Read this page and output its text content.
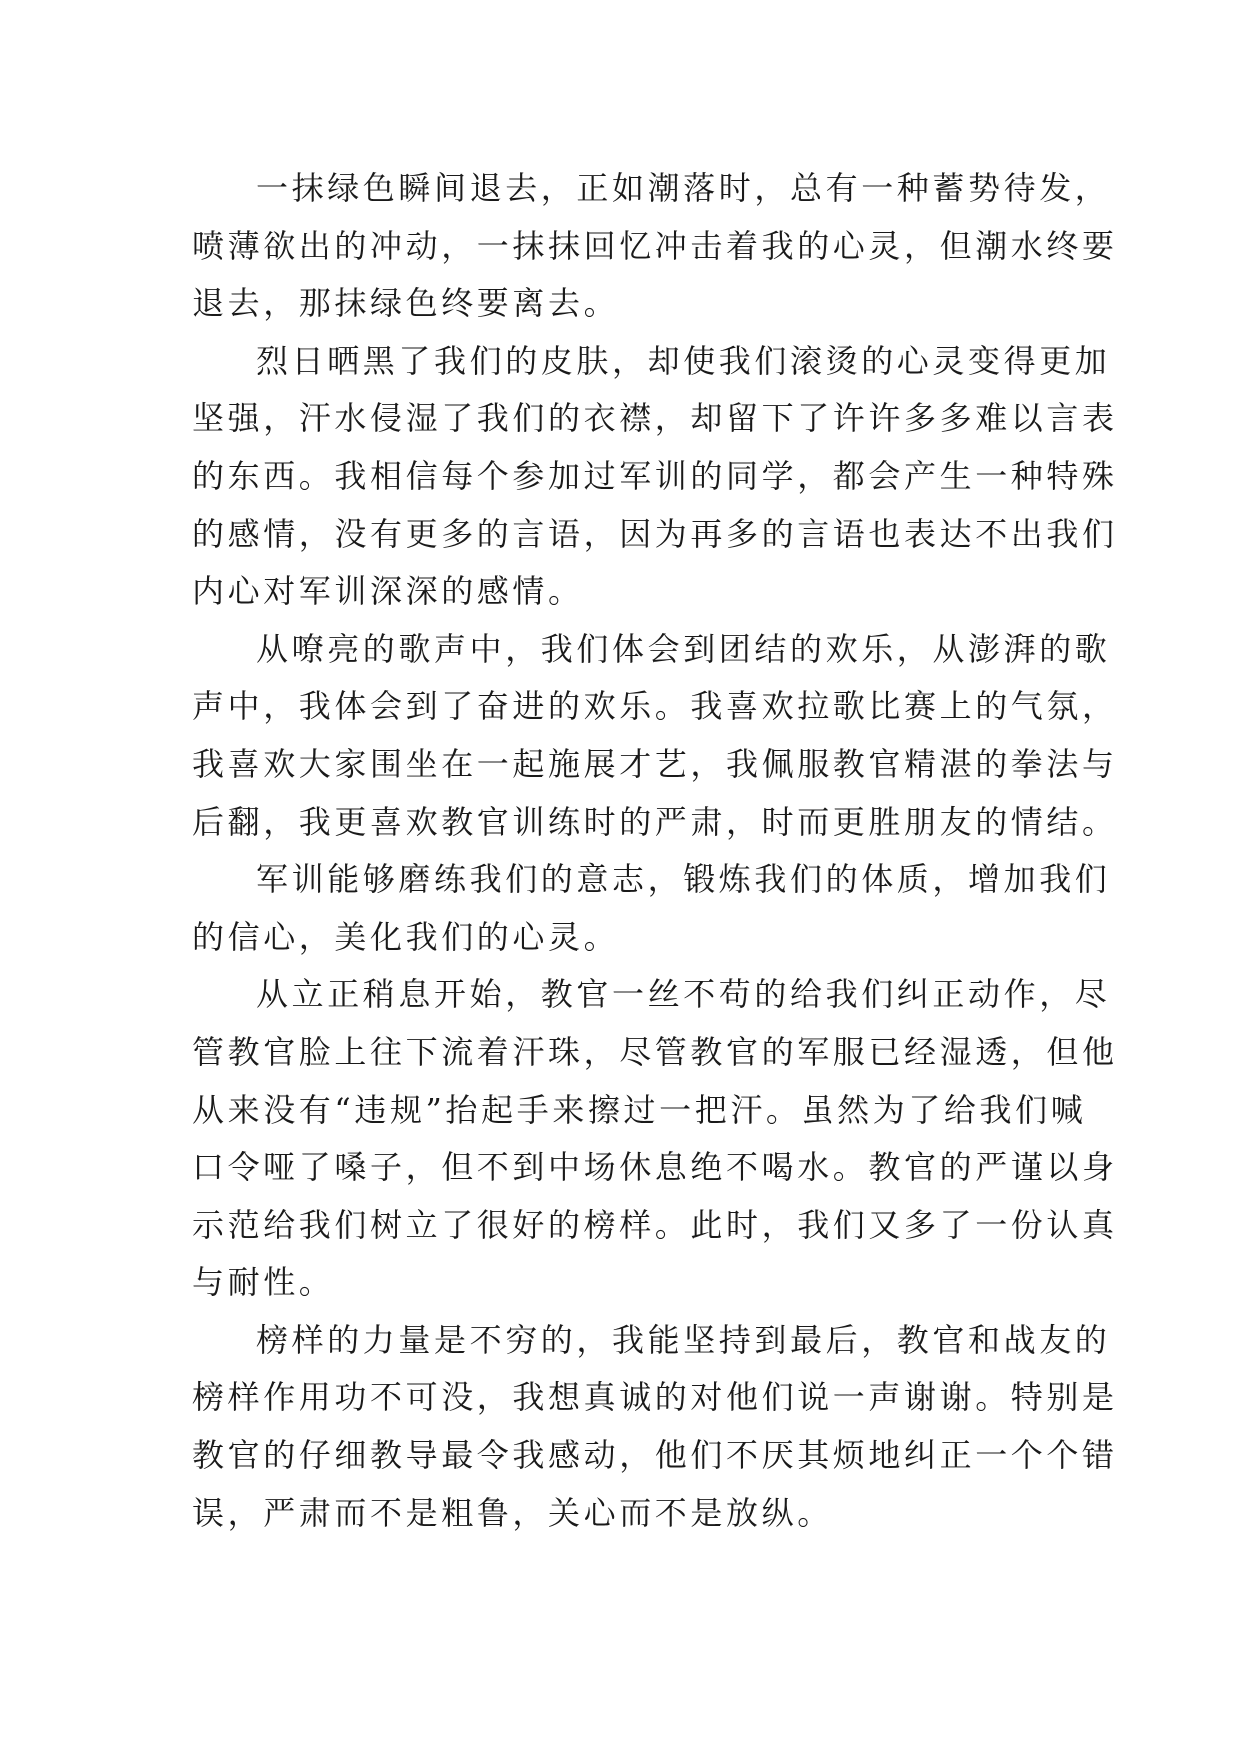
一抹绿色瞬间退去，正如潮落时，总有一种蓄势待发，
喷薄欲出的冲动，一抹抹回忆冲击着我的心灵，但潮水终要
退去，那抹绿色终要离去。
烈日晒黑了我们的皮肤，却使我们滚烫的心灵变得更加
坚强，汗水侵湿了我们的衣襟，却留下了许许多多难以言表
的东西。我相信每个参加过军训的同学，都会产生一种特殊
的感情，没有更多的言语，因为再多的言语也表达不出我们
内心对军训深深的感情。
从嘹亮的歌声中，我们体会到团结的欢乐，从澎湃的歌
声中，我体会到了奋进的欢乐。我喜欢拉歌比赛上的气氛，
我喜欢大家围坐在一起施展才艺，我佩服教官精湛的拳法与
后翻，我更喜欢教官训练时的严肃，时而更胜朋友的情结。
军训能够磨练我们的意志，锻炼我们的体质，增加我们
的信心，美化我们的心灵。
从立正稍息开始，教官一丝不苟的给我们纠正动作，尽
管教官脸上往下流着汗珠，尽管教官的军服已经湿透，但他
从来没有“违规”抬起手来擦过一把汗。虽然为了给我们喊
口令哑了嗓子，但不到中场休息绝不喝水。教官的严谨以身
示范给我们树立了很好的榜样。此时，我们又多了一份认真
与耐性。
榜样的力量是不穷的，我能坚持到最后，教官和战友的
榜样作用功不可没，我想真诚的对他们说一声谢谢。特别是
教官的仔细教导最令我感动，他们不厌其烦地纠正一个个错
误，严肃而不是粗鲁，关心而不是放纵。
